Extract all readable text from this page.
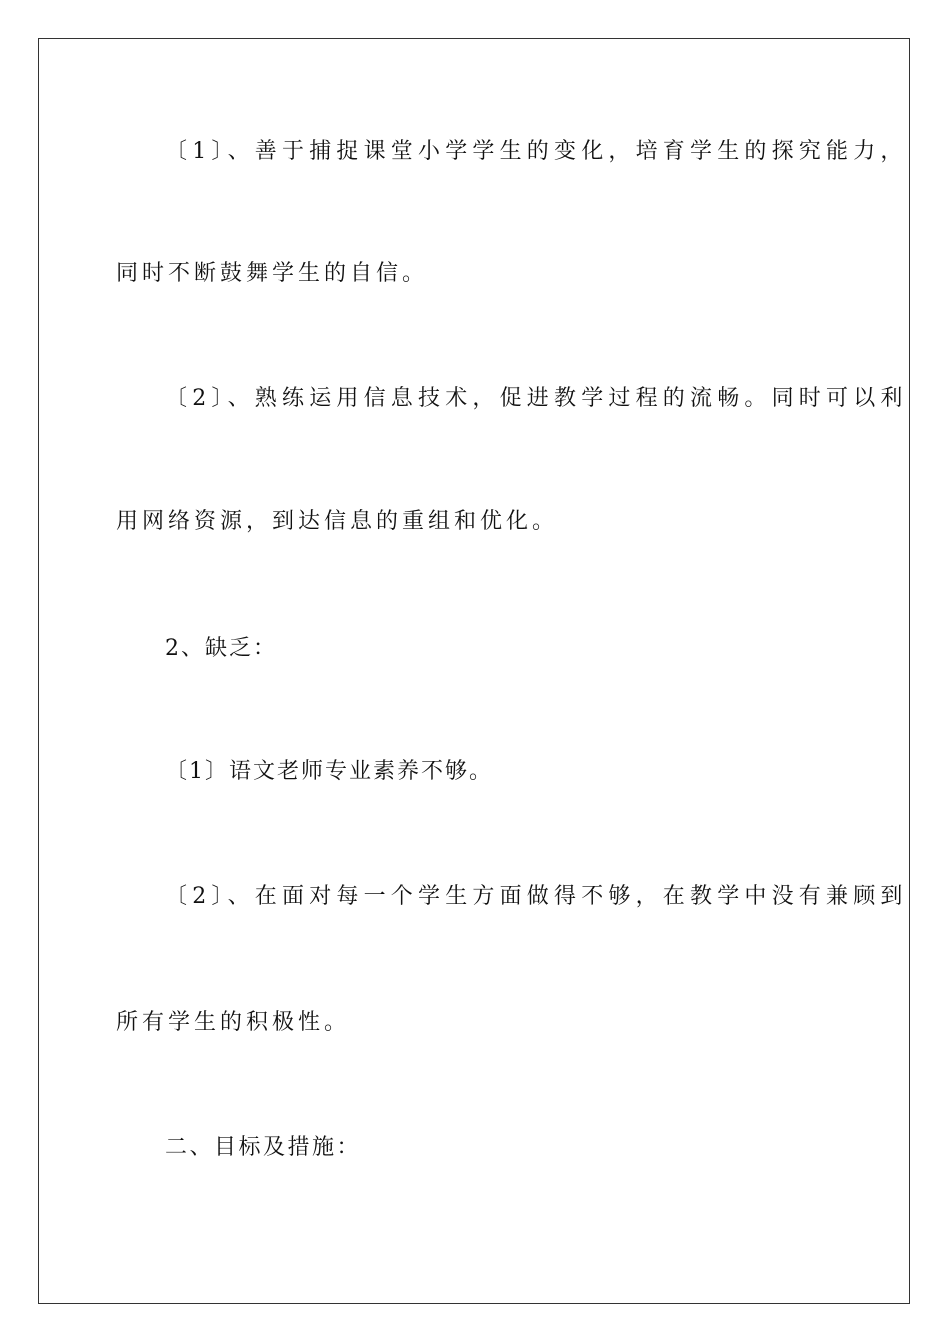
〔1〕、善于捕捉课堂小学学生的变化，培育学生的探究能力，
同时不断鼓舞学生的自信。
〔2〕、熟练运用信息技术，促进教学过程的流畅。同时可以利
用网络资源，到达信息的重组和优化。
2、缺乏：
〔1〕语文老师专业素养不够。
〔2〕、在面对每一个学生方面做得不够，在教学中没有兼顾到
所有学生的积极性。
二、目标及措施：
